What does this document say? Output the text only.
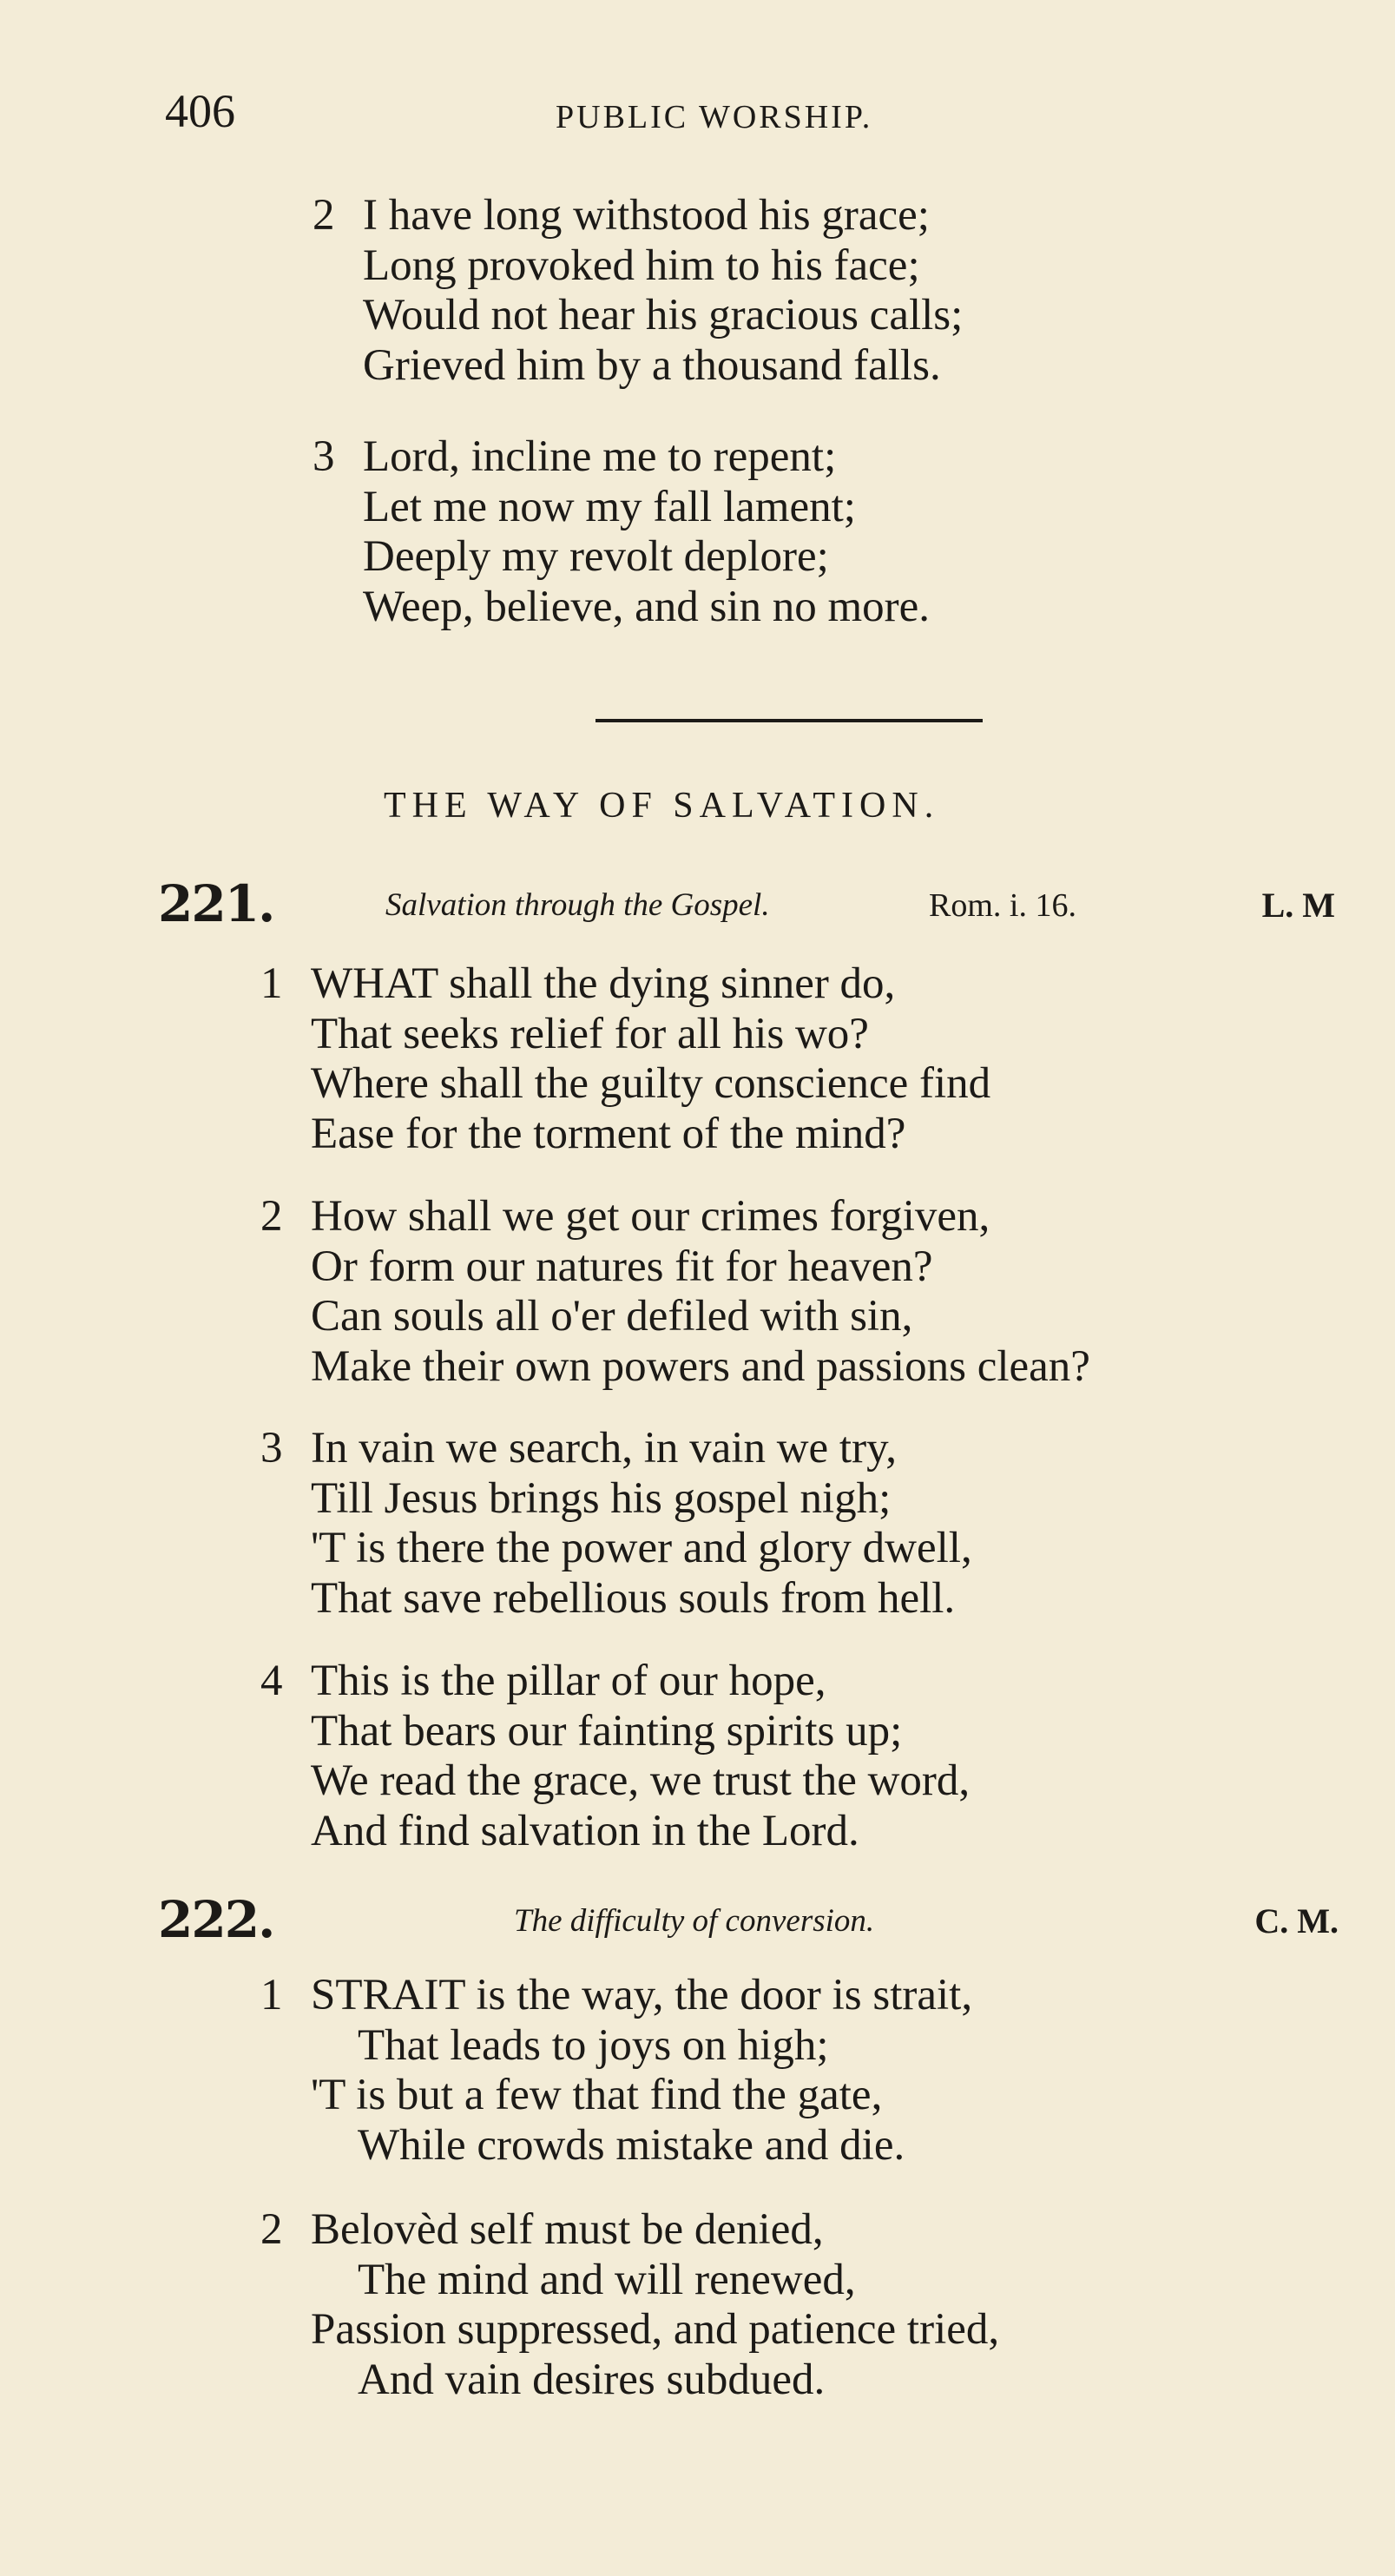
406	PUBLIC WORSHIP.
2 I have long withstood his grace;
Long provoked him to his face;
Would not hear his gracious calls;
Grieved him by a thousand falls.
3 Lord, incline me to repent;
Let me now my fall lament;
Deeply my revolt deplore;
Weep, believe, and sin no more.
THE WAY OF SALVATION.
221.	Salvation through the Gospel.	Rom. i. 16.	L. M
1 WHAT shall the dying sinner do,
That seeks relief for all his wo?
Where shall the guilty conscience find
Ease for the torment of the mind?
2 How shall we get our crimes forgiven,
Or form our natures fit for heaven?
Can souls all o'er defiled with sin,
Make their own powers and passions clean?
3 In vain we search, in vain we try,
Till Jesus brings his gospel nigh;
'T is there the power and glory dwell,
That save rebellious souls from hell.
4 This is the pillar of our hope,
That bears our fainting spirits up;
We read the grace, we trust the word,
And find salvation in the Lord.
222.	The difficulty of conversion.	C. M.
1 STRAIT is the way, the door is strait,
That leads to joys on high;
'T is but a few that find the gate,
While crowds mistake and die.
2 Belovèd self must be denied,
The mind and will renewed,
Passion suppressed, and patience tried,
And vain desires subdued.
